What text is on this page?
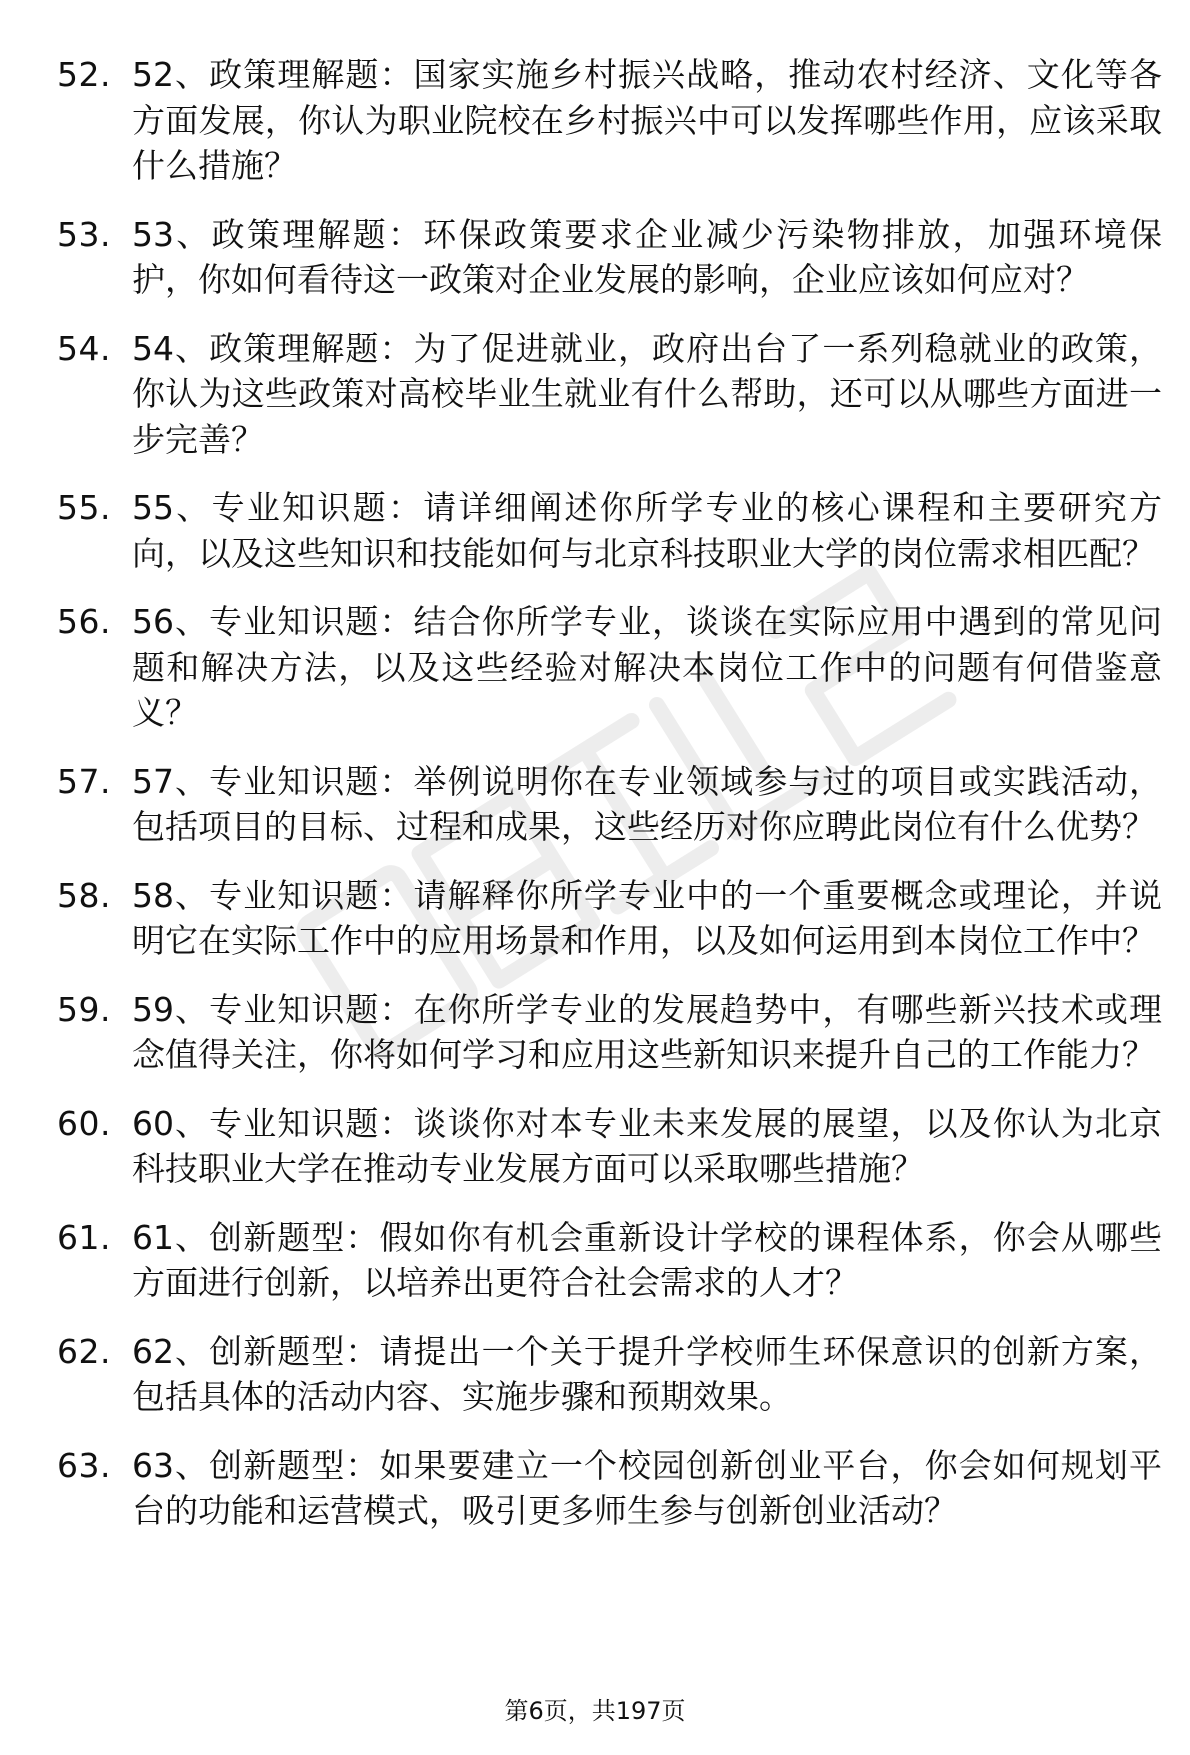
52. 52、政策理解题：国家实施乡村振兴战略，推动农村经济、文化等各方面发展，你认为职业院校在乡村振兴中可以发挥哪些作用，应该采取什么措施？
53. 53、政策理解题：环保政策要求企业减少污染物排放，加强环境保护，你如何看待这一政策对企业发展的影响，企业应该如何应对？
54. 54、政策理解题：为了促进就业，政府出台了一系列稳就业的政策，你认为这些政策对高校毕业生就业有什么帮助，还可以从哪些方面进一步完善？
55. 55、专业知识题：请详细阐述你所学专业的核心课程和主要研究方向，以及这些知识和技能如何与北京科技职业大学的岗位需求相匹配？
56. 56、专业知识题：结合你所学专业，谈谈在实际应用中遇到的常见问题和解决方法，以及这些经验对解决本岗位工作中的问题有何借鉴意义？
57. 57、专业知识题：举例说明你在专业领域参与过的项目或实践活动，包括项目的目标、过程和成果，这些经历对你应聘此岗位有什么优势？
58. 58、专业知识题：请解释你所学专业中的一个重要概念或理论，并说明它在实际工作中的应用场景和作用，以及如何运用到本岗位工作中？
59. 59、专业知识题：在你所学专业的发展趋势中，有哪些新兴技术或理念值得关注，你将如何学习和应用这些新知识来提升自己的工作能力？
60. 60、专业知识题：谈谈你对本专业未来发展的展望，以及你认为北京科技职业大学在推动专业发展方面可以采取哪些措施？
61. 61、创新题型：假如你有机会重新设计学校的课程体系，你会从哪些方面进行创新，以培养出更符合社会需求的人才？
62. 62、创新题型：请提出一个关于提升学校师生环保意识的创新方案，包括具体的活动内容、实施步骤和预期效果。
63. 63、创新题型：如果要建立一个校园创新创业平台，你会如何规划平台的功能和运营模式，吸引更多师生参与创新创业活动？
第6页，共197页
